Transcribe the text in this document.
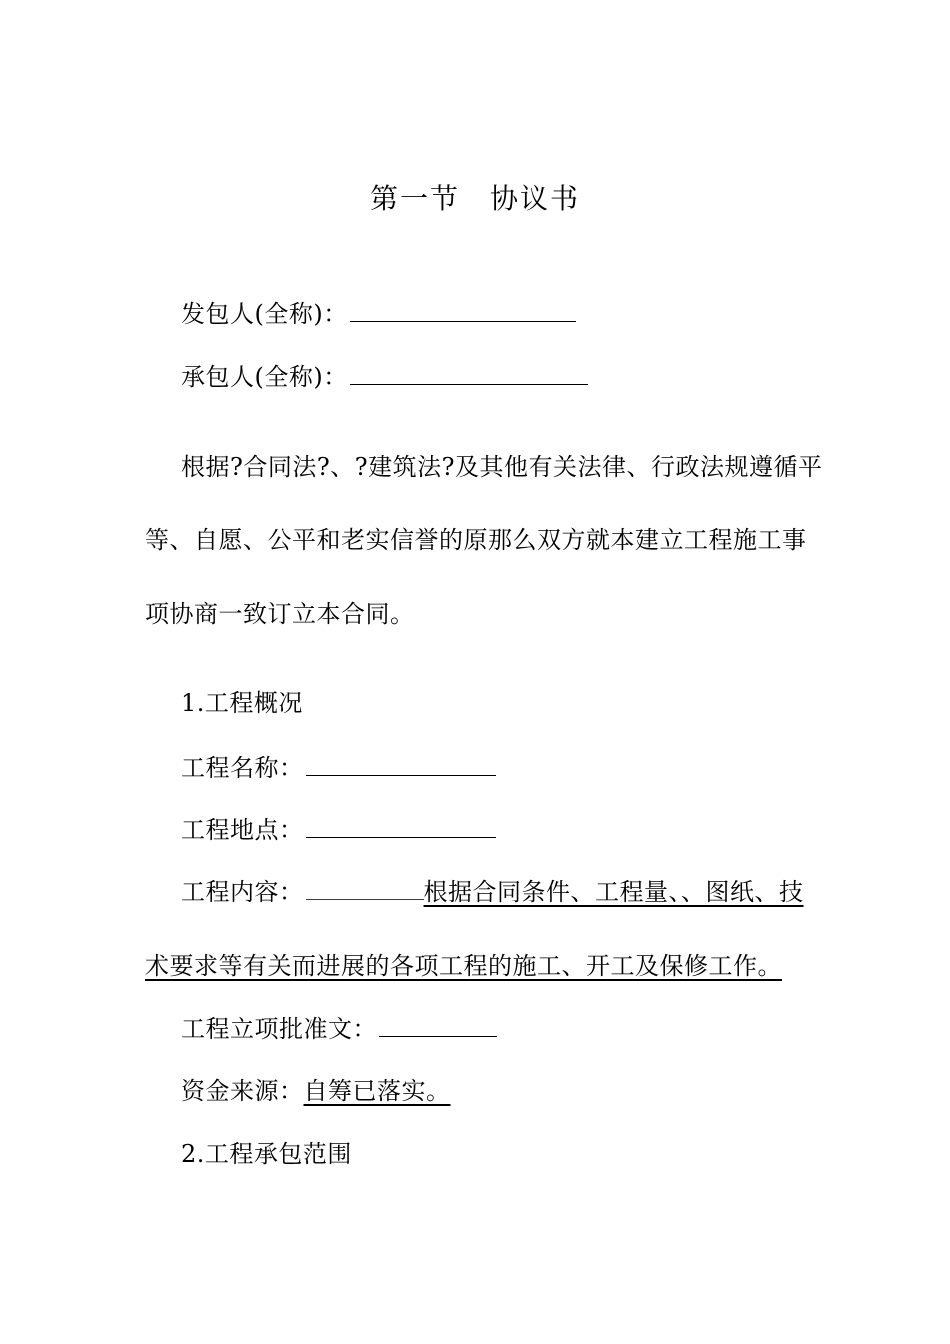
第一节 协议书
发包人(全称)：
承包人(全称)：
根据?合同法?、?建筑法?及其他有关法律、行政法规遵循平
等、自愿、公平和老实信誉的原那么双方就本建立工程施工事
项协商一致订立本合同。
1.工程概况
工程名称：
工程地点：
工程内容：	根据合同条件、工程量、、图纸、技
术要求等有关而进展的各项工程的施工、开工及保修工作。
工程立项批准文：
资金来源：自筹已落实。
2.工程承包范围
